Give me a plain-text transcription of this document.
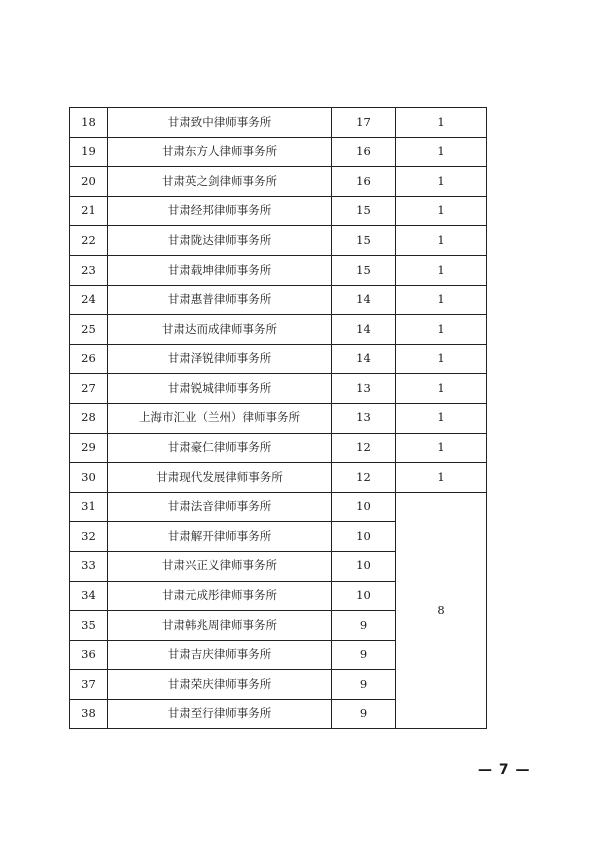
18	甘肃致中律师事务所	17	1
19	甘肃东方人律师事务所	16	1
20	甘肃英之剑律师事务所	16	1
21	甘肃经邦律师事务所	15	1
22	甘肃陇达律师事务所	15	1
23	甘肃载坤律师事务所	15	1
24	甘肃惠普律师事务所	14	1
25	甘肃达而成律师事务所	14	1
26	甘肃泽锐律师事务所	14	1
27	甘肃锐城律师事务所	13	1
28	上海市汇业（兰州）律师事务所	13	1
29	甘肃豪仁律师事务所	12	1
30	甘肃现代发展律师事务所	12	1
31	甘肃法音律师事务所	10	8
32	甘肃解开律师事务所	10	
33	甘肃兴正义律师事务所	10	
34	甘肃元成彤律师事务所	10	
35	甘肃韩兆周律师事务所	9	
36	甘肃吉庆律师事务所	9	
37	甘肃荣庆律师事务所	9	
38	甘肃至行律师事务所	9	
— 7 —
